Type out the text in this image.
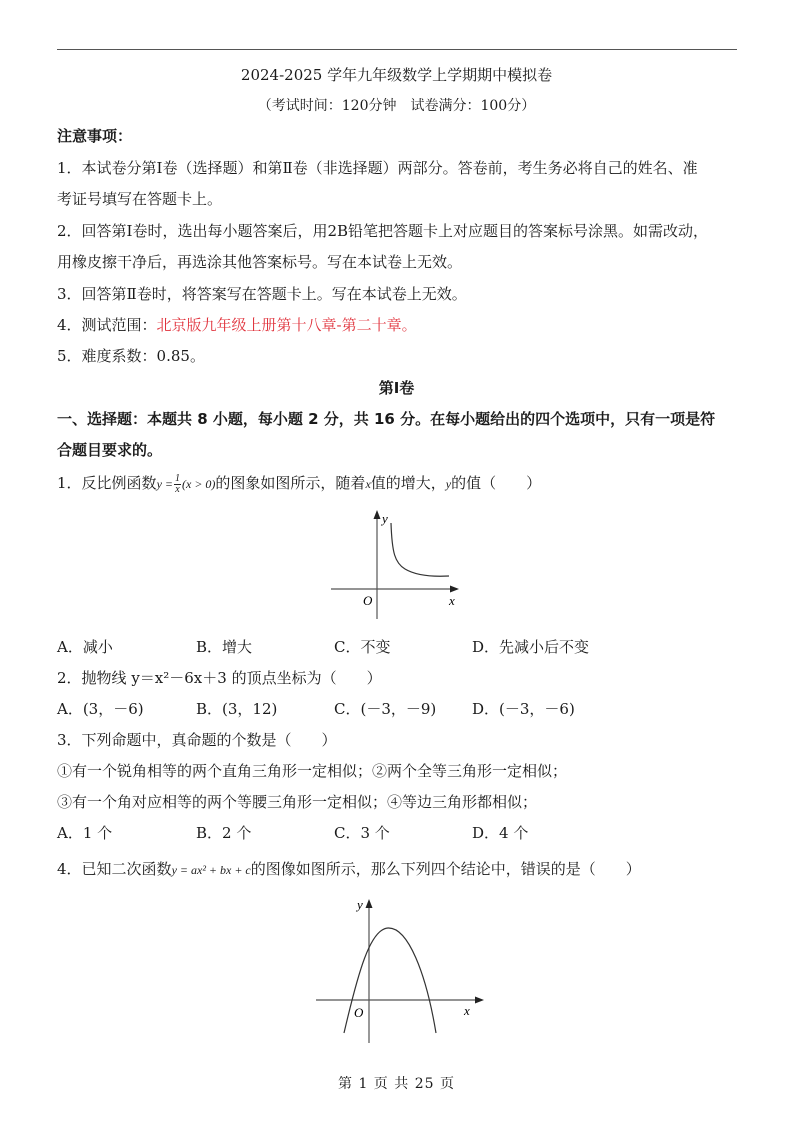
2024-2025 学年九年级数学上学期期中模拟卷
（考试时间：120分钟　试卷满分：100分）
注意事项：
1．本试卷分第Ⅰ卷（选择题）和第Ⅱ卷（非选择题）两部分。答卷前，考生务必将自己的姓名、准
考证号填写在答题卡上。
2．回答第Ⅰ卷时，选出每小题答案后，用2B铅笔把答题卡上对应题目的答案标号涂黑。如需改动，
用橡皮擦干净后，再选涂其他答案标号。写在本试卷上无效。
3．回答第Ⅱ卷时，将答案写在答题卡上。写在本试卷上无效。
4．测试范围：北京版九年级上册第十八章-第二十章。
5．难度系数：0.85。
第Ⅰ卷
一、选择题：本题共 8 小题，每小题 2 分，共 16 分。在每小题给出的四个选项中，只有一项是符
合题目要求的。
1．反比例函数$y = \frac{1}{x} (x > 0)$的图象如图所示，随着x值的增大，y的值（　　）
y
x
O
A．减小	B．增大	C．不变	D．先减小后不变
2．抛物线 y＝x²－6x＋3 的顶点坐标为（　　）
A．(3，－6)	B．(3，12)	C．(－3，－9) D．(－3，－6)
3．下列命题中，真命题的个数是（　　）
①有一个锐角相等的两个直角三角形一定相似；②两个全等三角形一定相似；
③有一个角对应相等的两个等腰三角形一定相似；④等边三角形都相似；
A．1 个	B．2 个	C．3 个	D．4 个
4．已知二次函数y = ax² + bx + c的图像如图所示，那么下列四个结论中，错误的是（　　）
y
x
O
第 1 页 共 25 页
